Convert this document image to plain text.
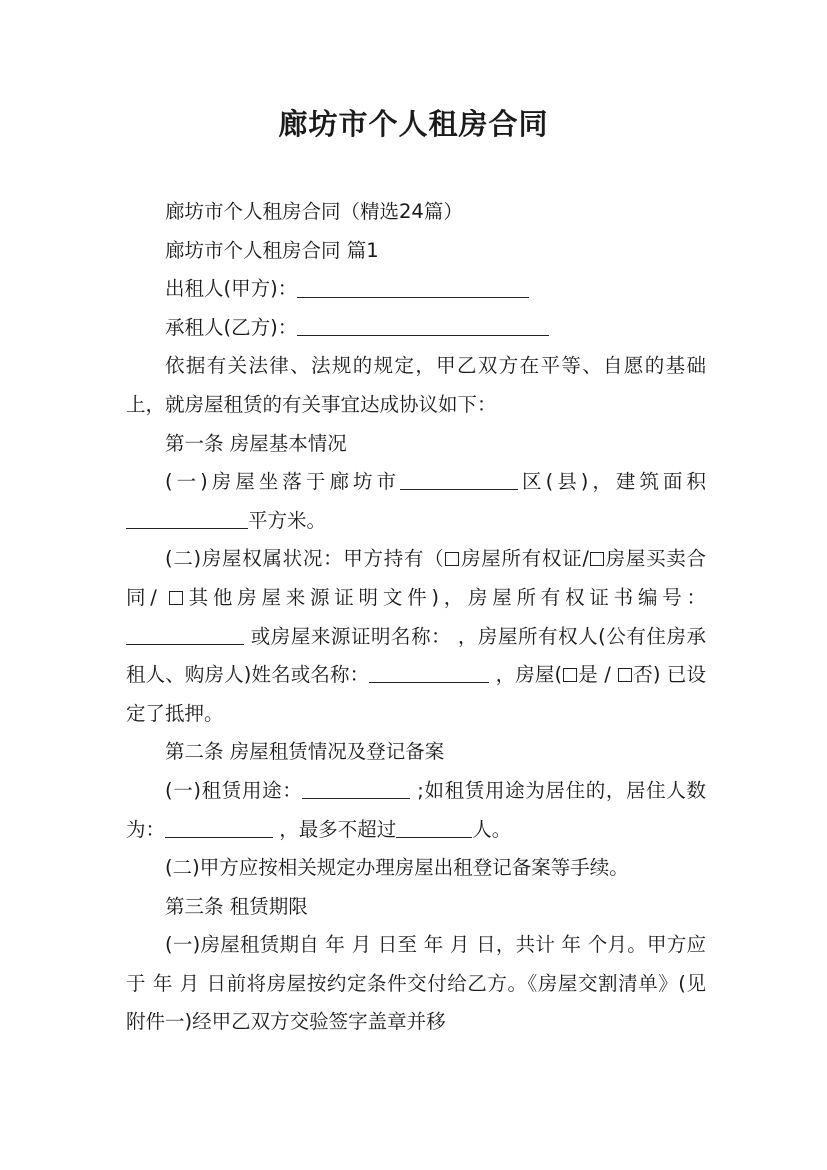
廊坊市个人租房合同

廊坊市个人租房合同（精选24篇）

廊坊市个人租房合同 篇1

出租人(甲方)：

承租人(乙方)：

依据有关法律、法规的规定，甲乙双方在平等、自愿的基础上，就房屋租赁的有关事宜达成协议如下：

第一条 房屋基本情况

(一)房屋坐落于廊坊市	区(县)，建筑面积平方米。

(二)房屋权属状况：甲方持有（ 房屋所有权证/ 房屋买卖合同/ 其他房屋来源证明文件)，房屋所有权证书编号： 或房屋来源证明名称： ，房屋所有权人(公有住房承租人、购房人)姓名或名称：	，房屋( 是 / 否) 已设定了抵押。

第二条 房屋租赁情况及登记备案

(一)租赁用途：	;如租赁用途为居住的，居住人数为：	，最多不超过	人。

(二)甲方应按相关规定办理房屋出租登记备案等手续。

第三条 租赁期限

(一)房屋租赁期自 年 月 日至 年 月 日，共计 年 个月。甲方应于 年 月 日前将房屋按约定条件交付给乙方。《房屋交割清单》(见附件一)经甲乙双方交验签字盖章并移
